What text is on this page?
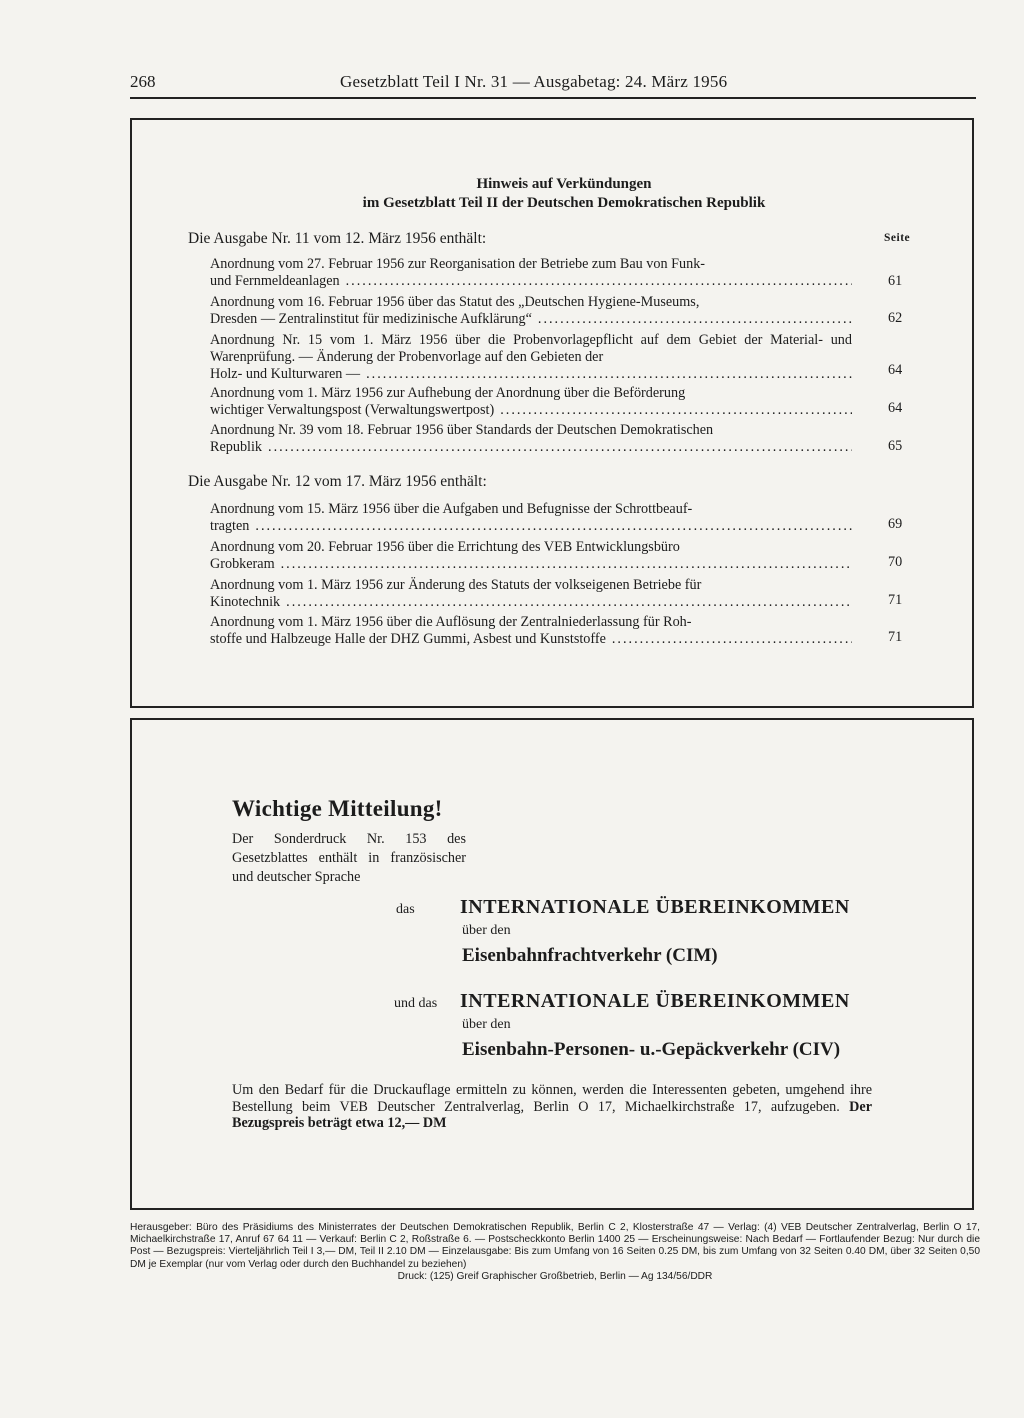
268	Gesetzblatt Teil I Nr. 31 — Ausgabetag: 24. März 1956
Hinweis auf Verkündungen
im Gesetzblatt Teil II der Deutschen Demokratischen Republik
Die Ausgabe Nr. 11 vom 12. März 1956 enthält:	Seite
Anordnung vom 27. Februar 1956 zur Reorganisation der Betriebe zum Bau von Funk-
und Fernmeldeanlagen .....	61
Anordnung vom 16. Februar 1956 über das Statut des „Deutschen Hygiene-Museums,
Dresden — Zentralinstitut für medizinische Aufklärung“ .....	62
Anordnung Nr. 15 vom 1. März 1956 über die Probenvorlagepflicht auf dem Gebiet der Material- und Warenprüfung. — Änderung der Probenvorlage auf den Gebieten der
Holz- und Kulturwaren — .....	64
Anordnung vom 1. März 1956 zur Aufhebung der Anordnung über die Beförderung
wichtiger Verwaltungspost (Verwaltungswertpost) .....	64
Anordnung Nr. 39 vom 18. Februar 1956 über Standards der Deutschen Demokratischen
Republik .....	65
Die Ausgabe Nr. 12 vom 17. März 1956 enthält:
Anordnung vom 15. März 1956 über die Aufgaben und Befugnisse der Schrottbeauf-
tragten .....	69
Anordnung vom 20. Februar 1956 über die Errichtung des VEB Entwicklungsbüro
Grobkeram .....	70
Anordnung vom 1. März 1956 zur Änderung des Statuts der volkseigenen Betriebe für
Kinotechnik .....	71
Anordnung vom 1. März 1956 über die Auflösung der Zentralniederlassung für Roh-
stoffe und Halbzeuge Halle der DHZ Gummi, Asbest und Kunststoffe .....	71
Wichtige Mitteilung!
Der Sonderdruck Nr. 153 des Gesetzblattes enthält in französischer und deutscher Sprache
das INTERNATIONALE ÜBEREINKOMMEN
über den
Eisenbahnfrachtverkehr (CIM)
und das INTERNATIONALE ÜBEREINKOMMEN
über den
Eisenbahn-Personen- u.-Gepäckverkehr (CIV)
Um den Bedarf für die Druckauflage ermitteln zu können, werden die Interessenten gebeten, umgehend ihre Bestellung beim VEB Deutscher Zentralverlag, Berlin O 17, Michaelkirchstraße 17, aufzugeben. Der Bezugspreis beträgt etwa 12,— DM
Herausgeber: Büro des Präsidiums des Ministerrates der Deutschen Demokratischen Republik, Berlin C 2, Klosterstraße 47 — Verlag: (4) VEB Deutscher Zentralverlag, Berlin O 17, Michaelkirchstraße 17, Anruf 67 64 11 — Verkauf: Berlin C 2, Roßstraße 6. — Postscheckkonto Berlin 1400 25 — Erscheinungsweise: Nach Bedarf — Fortlaufender Bezug: Nur durch die Post — Bezugspreis: Vierteljährlich Teil I 3,— DM, Teil II 2.10 DM — Einzelausgabe: Bis zum Umfang von 16 Seiten 0.25 DM, bis zum Umfang von 32 Seiten 0.40 DM, über 32 Seiten 0,50 DM je Exemplar (nur vom Verlag oder durch den Buchhandel zu beziehen)
Druck: (125) Greif Graphischer Großbetrieb, Berlin — Ag 134/56/DDR
